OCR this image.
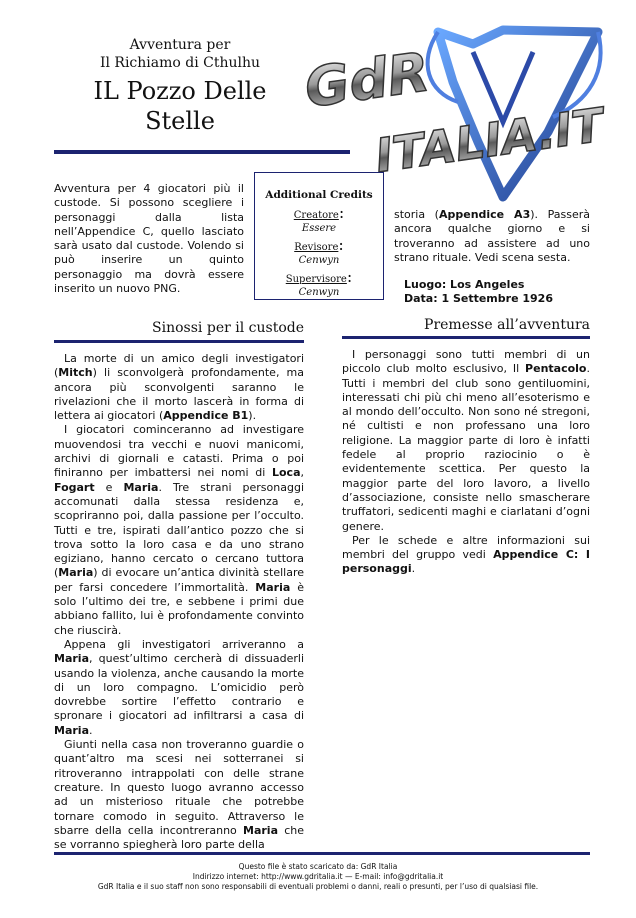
Avventura per
Il Richiamo di Cthulhu
IL Pozzo Delle
Stelle
GdR
ITALIA.IT
Avventura per 4 giocatori più il custode. Si possono scegliere i personaggi dalla lista nell’Appendice C, quello lasciato sarà usato dal custode. Volendo si può inserire un quinto personaggio ma dovrà essere inserito un nuovo PNG.
Additional Credits
Creatore:
Essere
Revisore:
Cenwyn
Supervisore:
Cenwyn
storia (Appendice A3). Passerà ancora qualche giorno e si troveranno ad assistere ad uno strano rituale. Vedi scena sesta.
Luogo: Los Angeles
Data: 1 Settembre 1926
Sinossi per il custode	Premesse all’avventura

La morte di un amico degli investigatori (Mitch) li sconvolgerà profondamente, ma ancora più sconvolgenti saranno le rivelazioni che il morto lascerà in forma di lettera ai giocatori (Appendice B1).

I giocatori cominceranno ad investigare muovendosi tra vecchi e nuovi manicomi, archivi di giornali e catasti. Prima o poi finiranno per imbattersi nei nomi di Loca, Fogart e Maria. Tre strani personaggi accomunati dalla stessa residenza e, scopriranno poi, dalla passione per l’occulto. Tutti e tre, ispirati dall’antico pozzo che si trova sotto la loro casa e da uno strano egiziano, hanno cercato o cercano tuttora (Maria) di evocare un’antica divinità stellare per farsi concedere l’immortalità. Maria è solo l’ultimo dei tre, e sebbene i primi due abbiano fallito, lui è profondamente convinto che riuscirà.

Appena gli investigatori arriveranno a Maria, quest’ultimo cercherà di dissuaderli usando la violenza, anche causando la morte di un loro compagno. L’omicidio però dovrebbe sortire l’effetto contrario e spronare i giocatori ad infiltrarsi a casa di Maria.

Giunti nella casa non troveranno guardie o quant’altro ma scesi nei sotterranei si ritroveranno intrappolati con delle strane creature. In questo luogo avranno accesso ad un misterioso rituale che potrebbe tornare comodo in seguito. Attraverso le sbarre della cella incontreranno Maria che se vorranno spiegherà loro parte della

I personaggi sono tutti membri di un piccolo club molto esclusivo, Il Pentacolo. Tutti i membri del club sono gentiluomini, interessati chi più chi meno all’esoterismo e al mondo dell’occulto. Non sono né stregoni, né cultisti e non professano una loro religione. La maggior parte di loro è infatti fedele al proprio raziocinio o è evidentemente scettica. Per questo la maggior parte del loro lavoro, a livello d’associazione, consiste nello smascherare truffatori, sedicenti maghi e ciarlatani d’ogni genere.

Per le schede e altre informazioni sui membri del gruppo vedi Appendice C: I personaggi.

Questo file è stato scaricato da: GdR Italia
Indirizzo internet: http://www.gdritalia.it — E-mail: info@gdritalia.it
GdR Italia e il suo staff non sono responsabili di eventuali problemi o danni, reali o presunti, per l’uso di qualsiasi file.
